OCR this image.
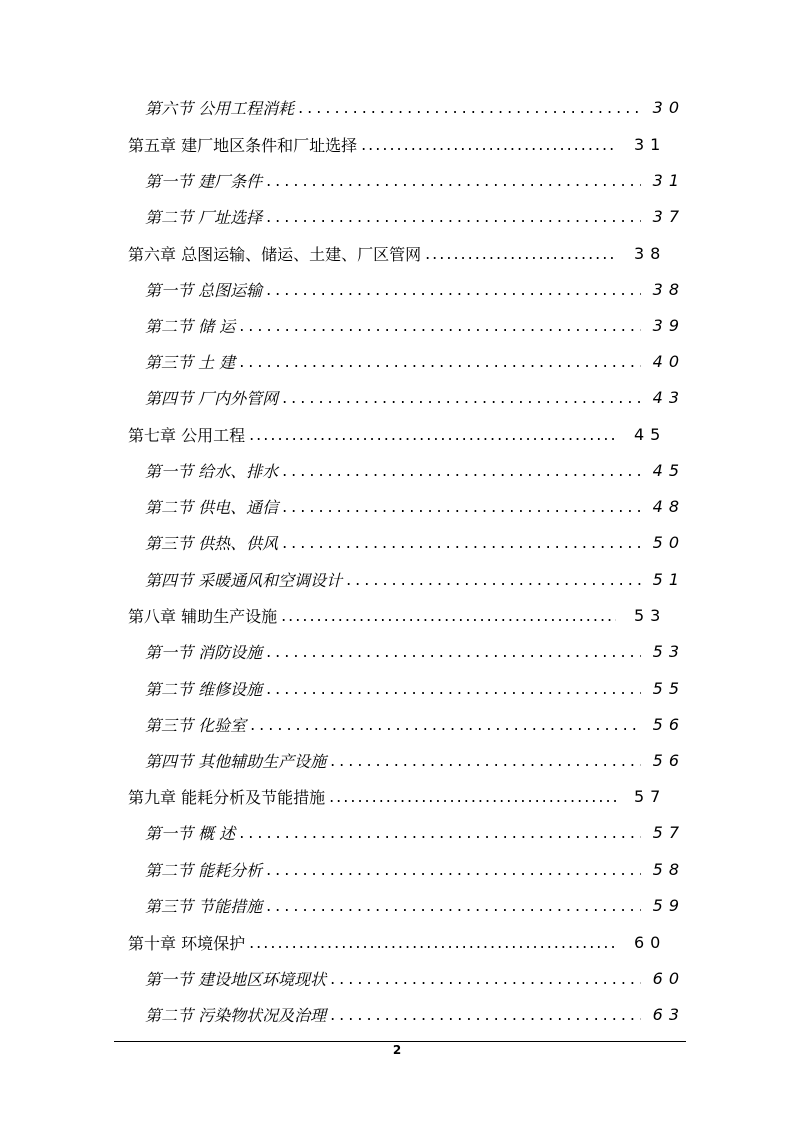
第六节 公用工程消耗 .....	30
第五章 建厂地区条件和厂址选择 .....	31
第一节 建厂条件 .....	31
第二节 厂址选择 .....	37
第六章 总图运输、储运、土建、厂区管网 .....	38
第一节 总图运输 .....	38
第二节 储 运 .....	39
第三节 土 建 .....	40
第四节 厂内外管网 .....	43
第七章 公用工程 .....	45
第一节 给水、排水 .....	45
第二节 供电、通信 .....	48
第三节 供热、供风 .....	50
第四节 采暖通风和空调设计 .....	51
第八章 辅助生产设施 .....	53
第一节 消防设施 .....	53
第二节 维修设施 .....	55
第三节 化验室 .....	56
第四节 其他辅助生产设施 .....	56
第九章 能耗分析及节能措施 .....	57
第一节 概 述 .....	57
第二节 能耗分析 .....	58
第三节 节能措施 .....	59
第十章 环境保护 .....	60
第一节 建设地区环境现状 .....	60
第二节 污染物状况及治理 .....	63
2
